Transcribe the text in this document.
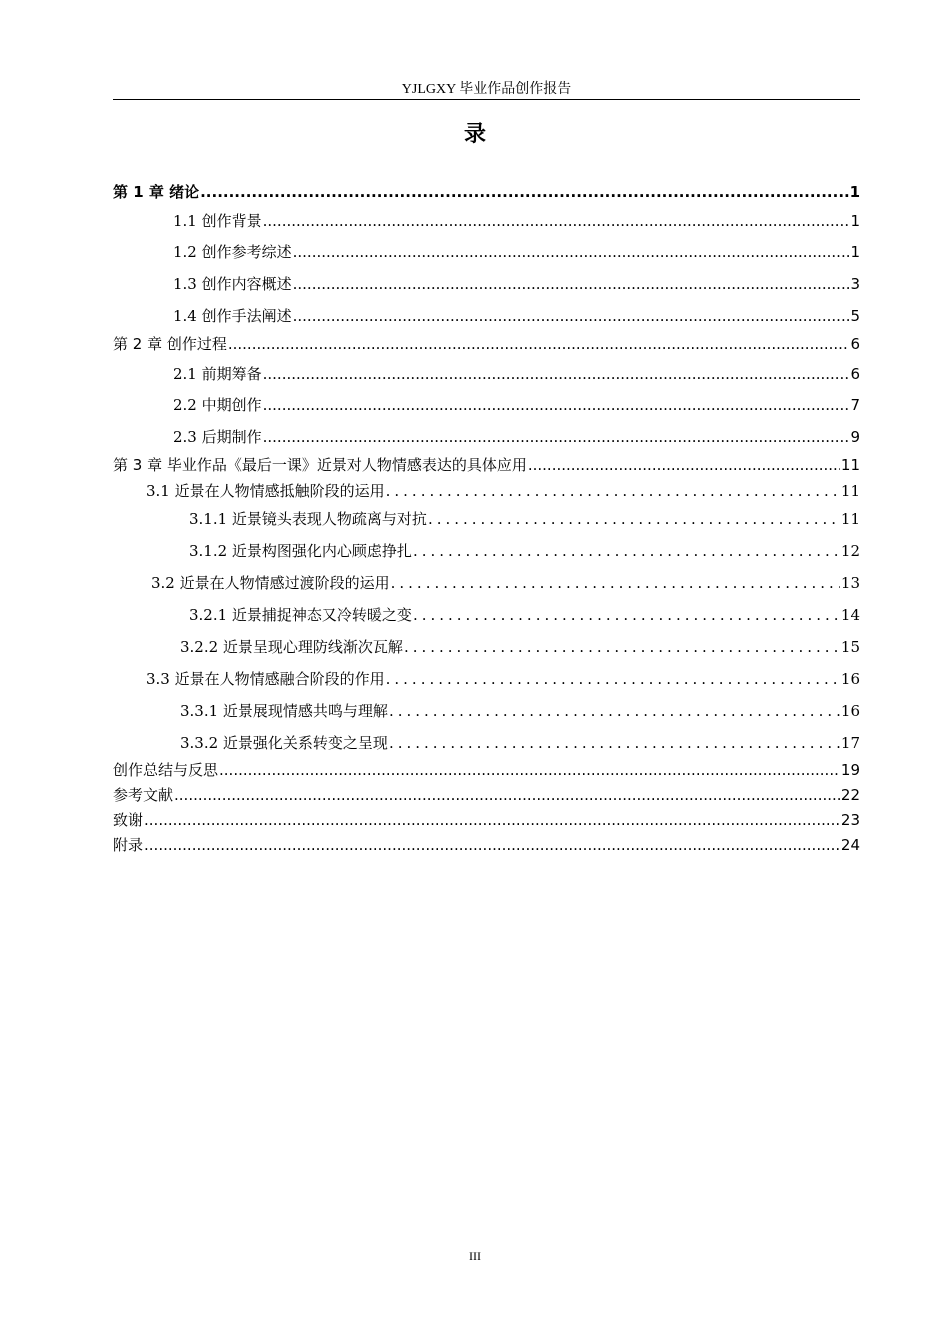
YJLGXY 毕业作品创作报告
录
第 1 章 绪论 .....	1
1.1 创作背景 .....	1
1.2 创作参考综述 .....	1
1.3 创作内容概述 .....	3
1.4 创作手法阐述 .....	5
第 2 章 创作过程 .....	6
2.1 前期筹备 .....	6
2.2 中期创作 .....	7
2.3 后期制作 .....	9
第 3 章 毕业作品《最后一课》近景对人物情感表达的具体应用 .....	11
3.1 近景在人物情感抵触阶段的运用 .....	11
3.1.1 近景镜头表现人物疏离与对抗 .....	11
3.1.2 近景构图强化内心顾虑挣扎 .....	12
3.2 近景在人物情感过渡阶段的运用 .....	13
3.2.1 近景捕捉神态又冷转暖之变 .....	14
3.2.2 近景呈现心理防线渐次瓦解 .....	15
3.3 近景在人物情感融合阶段的作用 .....	16
3.3.1 近景展现情感共鸣与理解 .....	16
3.3.2 近景强化关系转变之呈现 .....	17
创作总结与反思 .....	19
参考文献 .....	22
致谢 .....	23
附录 .....	24
III
